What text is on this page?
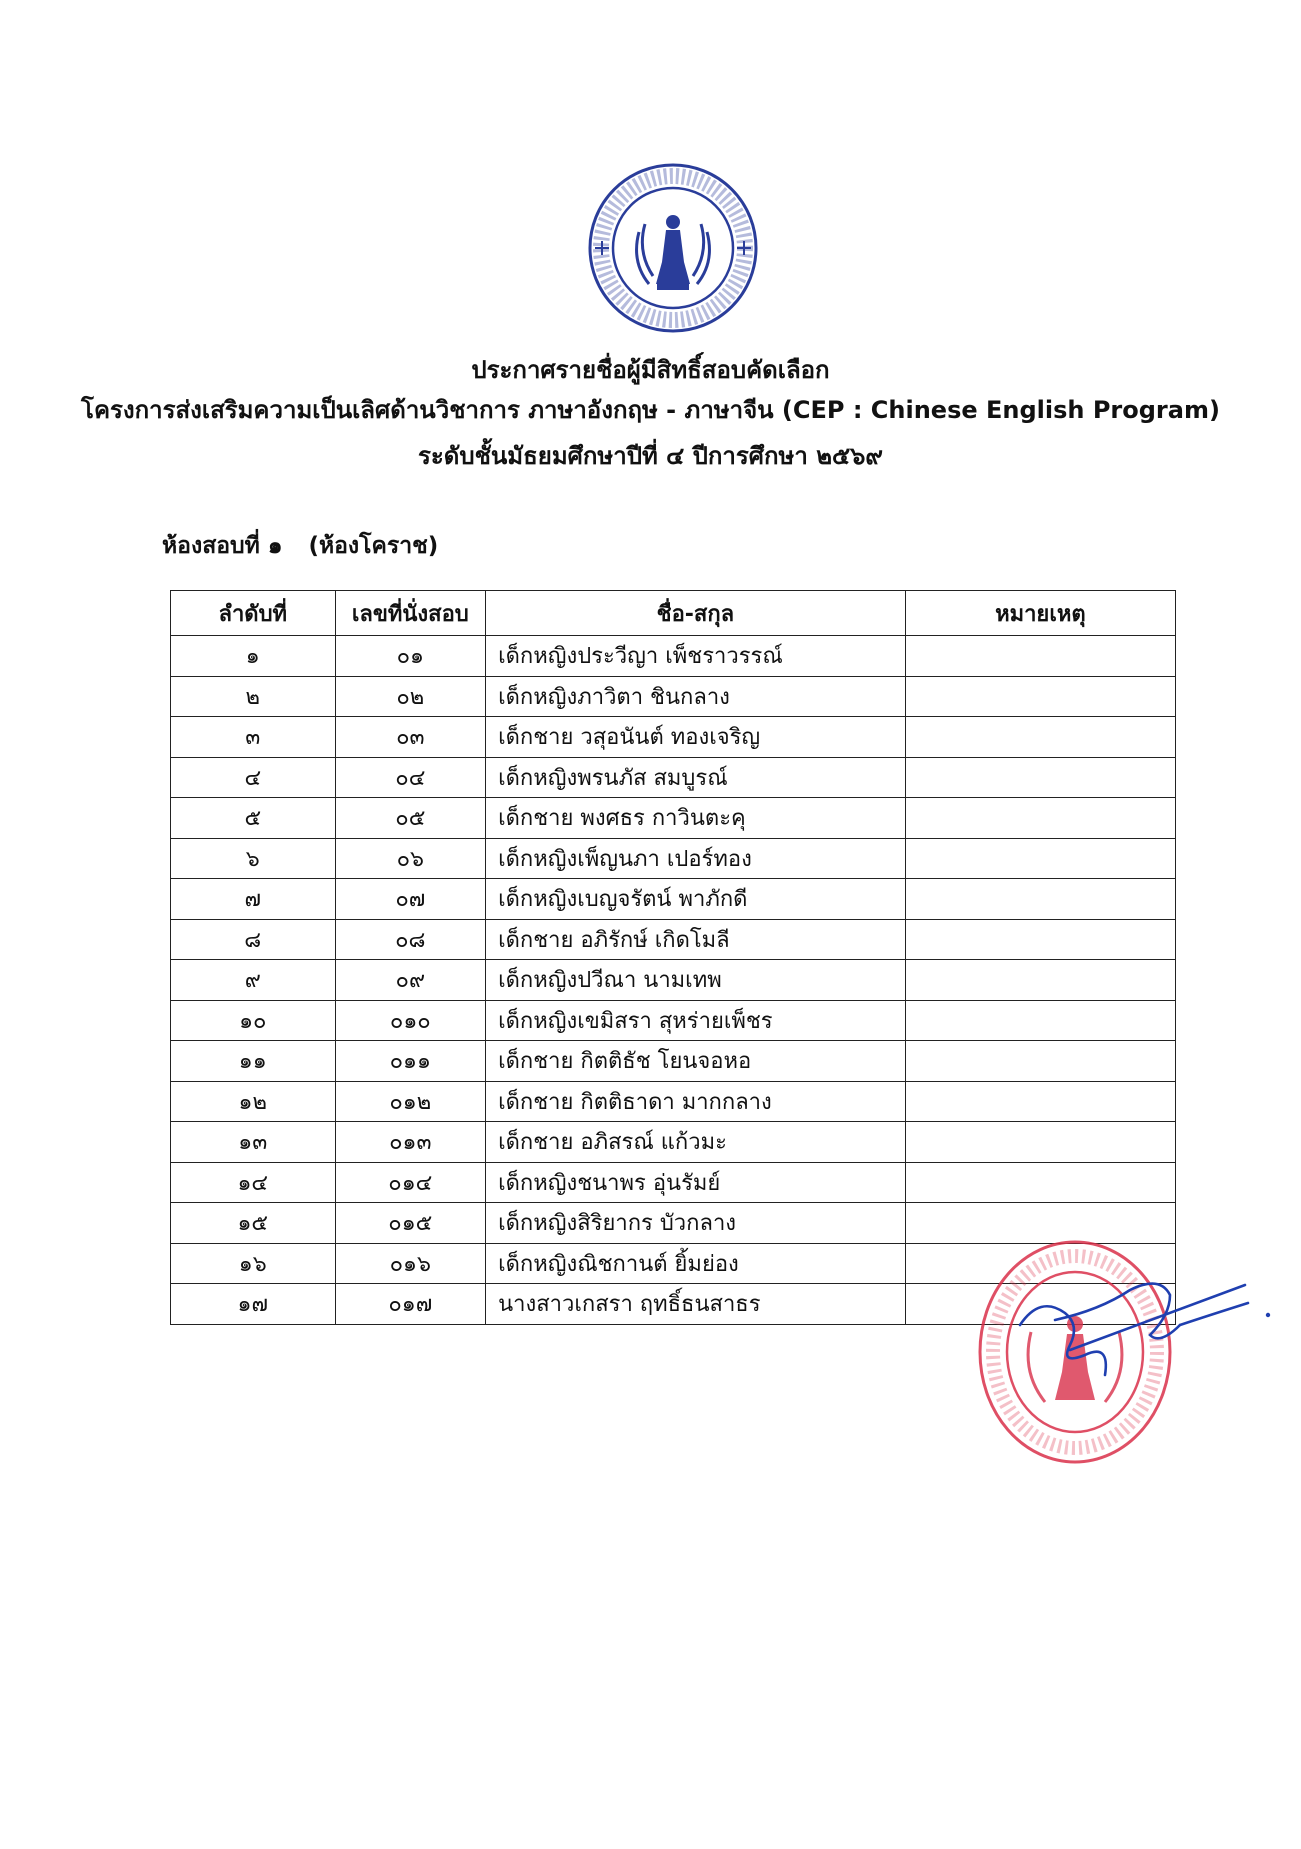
ประกาศรายชื่อผู้มีสิทธิ์สอบคัดเลือก
โครงการส่งเสริมความเป็นเลิศด้านวิชาการ ภาษาอังกฤษ - ภาษาจีน (CEP : Chinese English Program)
ระดับชั้นมัธยมศึกษาปีที่ ๔ ปีการศึกษา ๒๕๖๙
ห้องสอบที่ ๑ (ห้องโคราช)
ลำดับที่	เลขที่นั่งสอบ	ชื่อ-สกุล	หมายเหตุ
๑	๐๑	เด็กหญิงประวีญา เพ็ชราวรรณ์	
๒	๐๒	เด็กหญิงภาวิตา ชินกลาง	
๓	๐๓	เด็กชาย วสุอนันต์ ทองเจริญ	
๔	๐๔	เด็กหญิงพรนภัส สมบูรณ์	
๕	๐๕	เด็กชาย พงศธร กาวินตะคุ	
๖	๐๖	เด็กหญิงเพ็ญนภา เปอร์ทอง	
๗	๐๗	เด็กหญิงเบญจรัตน์ พาภักดี	
๘	๐๘	เด็กชาย อภิรักษ์ เกิดโมลี	
๙	๐๙	เด็กหญิงปวีณา นามเทพ	
๑๐	๐๑๐	เด็กหญิงเขมิสรา สุหร่ายเพ็ชร	
๑๑	๐๑๑	เด็กชาย กิตติธัช โยนจอหอ	
๑๒	๐๑๒	เด็กชาย กิตติธาดา มากกลาง	
๑๓	๐๑๓	เด็กชาย อภิสรณ์ แก้วมะ	
๑๔	๐๑๔	เด็กหญิงชนาพร อุ่นรัมย์	
๑๕	๐๑๕	เด็กหญิงสิริยากร บัวกลาง	
๑๖	๐๑๖	เด็กหญิงณิชกานต์ ยิ้มย่อง	
๑๗	๐๑๗	นางสาวเกสรา ฤทธิ์ธนสาธร	
